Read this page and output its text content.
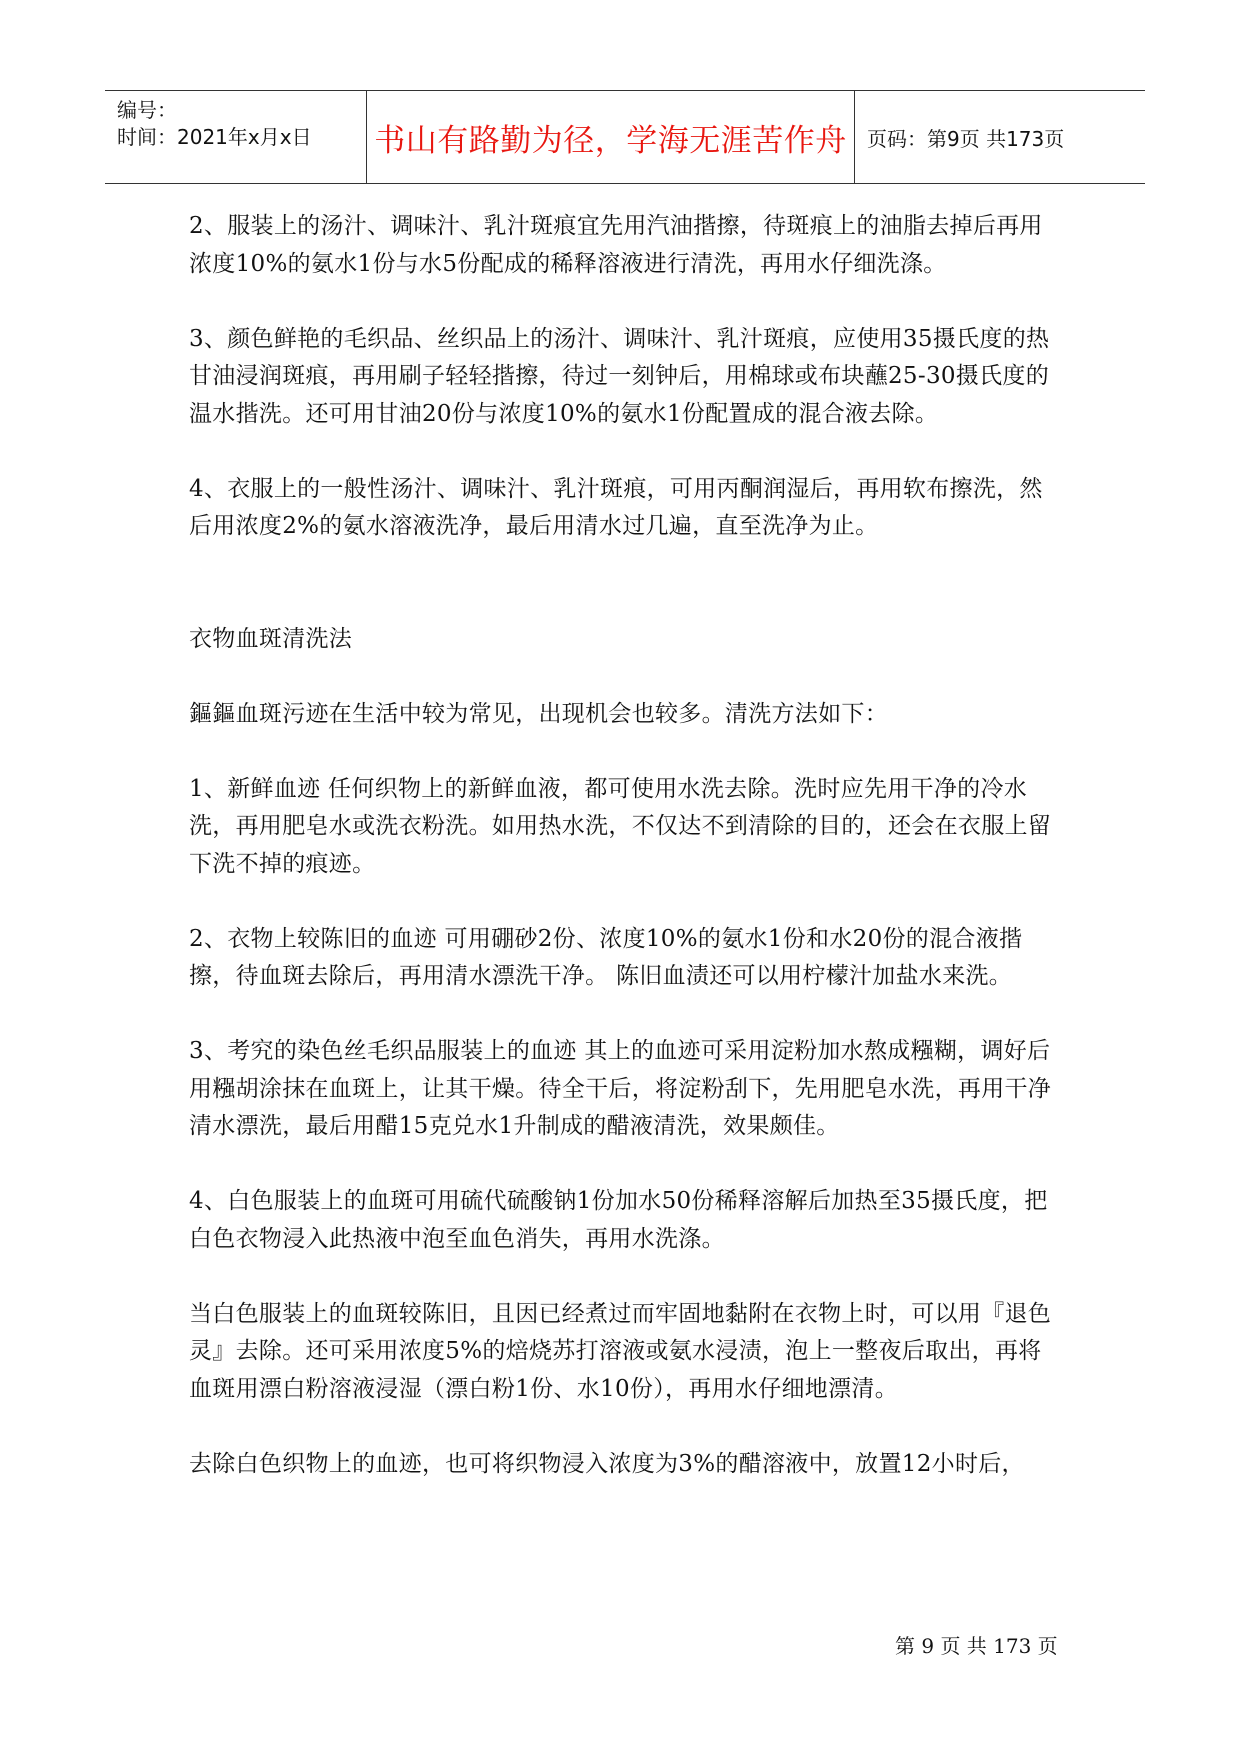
编号：
时间：2021年x月x日	书山有路勤为径，学海无涯苦作舟	页码：第9页 共173页

2、服装上的汤汁、调味汁、乳汁斑痕宜先用汽油揩擦，待斑痕上的油脂去掉后再用浓度10%的氨水1份与水5份配成的稀释溶液进行清洗，再用水仔细洗涤。

3、颜色鲜艳的毛织品、丝织品上的汤汁、调味汁、乳汁斑痕，应使用35摄氏度的热甘油浸润斑痕，再用刷子轻轻揩擦，待过一刻钟后，用棉球或布块蘸25-30摄氏度的温水揩洗。还可用甘油20份与浓度10%的氨水1份配置成的混合液去除。

4、衣服上的一般性汤汁、调味汁、乳汁斑痕，可用丙酮润湿后，再用软布擦洗，然后用浓度2%的氨水溶液洗净，最后用清水过几遍，直至洗净为止。

衣物血斑清洗法

鏂鏂血斑污迹在生活中较为常见，出现机会也较多。清洗方法如下：

1、新鲜血迹 任何织物上的新鲜血液，都可使用水洗去除。洗时应先用干净的冷水洗，再用肥皂水或洗衣粉洗。如用热水洗，不仅达不到清除的目的，还会在衣服上留下洗不掉的痕迹。

2、衣物上较陈旧的血迹 可用硼砂2份、浓度10%的氨水1份和水20份的混合液揩擦，待血斑去除后，再用清水漂洗干净。 陈旧血渍还可以用柠檬汁加盐水来洗。

3、考究的染色丝毛织品服装上的血迹 其上的血迹可采用淀粉加水熬成糨糊，调好后用糨胡涂抹在血斑上，让其干燥。待全干后，将淀粉刮下，先用肥皂水洗，再用干净清水漂洗，最后用醋15克兑水1升制成的醋液清洗，效果颇佳。

4、白色服装上的血斑可用硫代硫酸钠1份加水50份稀释溶解后加热至35摄氏度，把白色衣物浸入此热液中泡至血色消失，再用水洗涤。

当白色服装上的血斑较陈旧，且因已经煮过而牢固地黏附在衣物上时，可以用『退色灵』去除。还可采用浓度5%的焙烧苏打溶液或氨水浸渍，泡上一整夜后取出，再将血斑用漂白粉溶液浸湿（漂白粉1份、水10份），再用水仔细地漂清。

去除白色织物上的血迹，也可将织物浸入浓度为3%的醋溶液中，放置12小时后，

第 9 页 共 173 页
